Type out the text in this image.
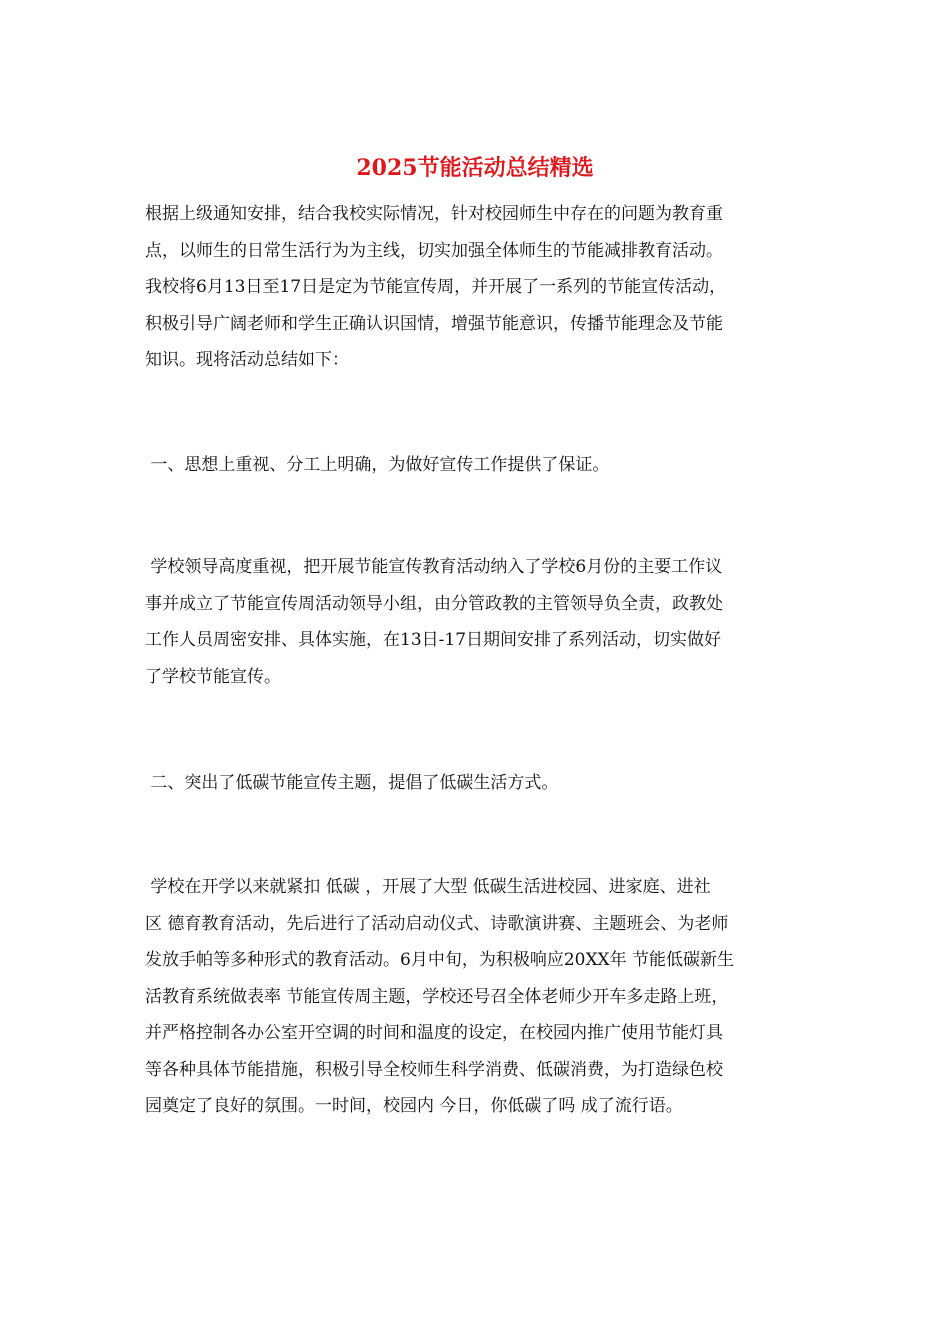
2025节能活动总结精选
根据上级通知安排，结合我校实际情况，针对校园师生中存在的问题为教育重
点，以师生的日常生活行为为主线，切实加强全体师生的节能减排教育活动。
我校将6月13日至17日是定为节能宣传周，并开展了一系列的节能宣传活动，
积极引导广阔老师和学生正确认识国情，增强节能意识，传播节能理念及节能
知识。现将活动总结如下：
一、思想上重视、分工上明确，为做好宣传工作提供了保证。
学校领导高度重视，把开展节能宣传教育活动纳入了学校6月份的主要工作议
事并成立了节能宣传周活动领导小组，由分管政教的主管领导负全责，政教处
工作人员周密安排、具体实施，在13日-17日期间安排了系列活动，切实做好
了学校节能宣传。
二、突出了低碳节能宣传主题，提倡了低碳生活方式。
学校在开学以来就紧扣 低碳 ，开展了大型 低碳生活进校园、进家庭、进社
区 德育教育活动，先后进行了活动启动仪式、诗歌演讲赛、主题班会、为老师
发放手帕等多种形式的教育活动。6月中旬，为积极响应20XX年 节能低碳新生
活教育系统做表率 节能宣传周主题，学校还号召全体老师少开车多走路上班，
并严格控制各办公室开空调的时间和温度的设定，在校园内推广使用节能灯具
等各种具体节能措施，积极引导全校师生科学消费、低碳消费，为打造绿色校
园奠定了良好的氛围。一时间，校园内 今日，你低碳了吗 成了流行语。
